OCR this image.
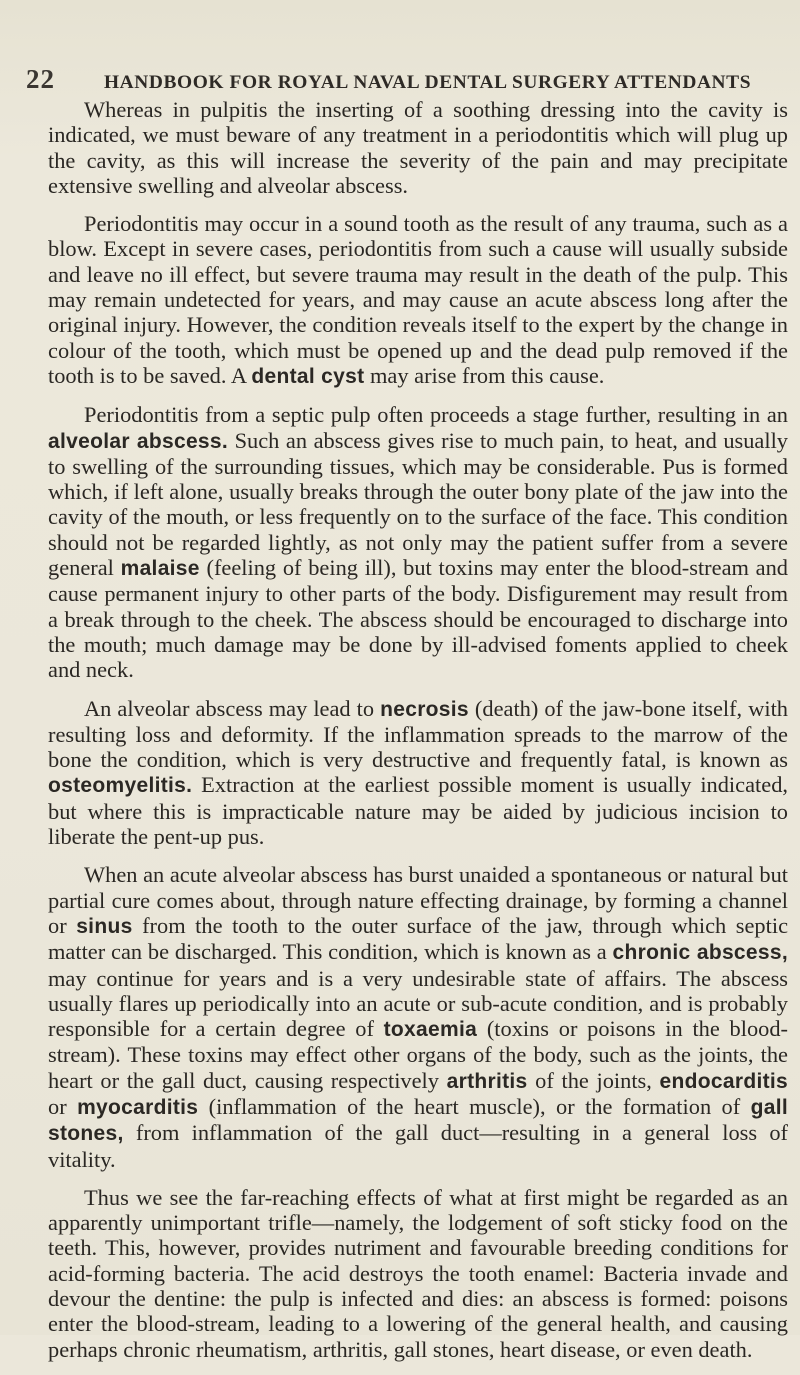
22	HANDBOOK FOR ROYAL NAVAL DENTAL SURGERY ATTENDANTS

Whereas in pulpitis the inserting of a soothing dressing into the cavity is indicated, we must beware of any treatment in a periodontitis which will plug up the cavity, as this will increase the severity of the pain and may precipitate extensive swelling and alveolar abscess.

Periodontitis may occur in a sound tooth as the result of any trauma, such as a blow. Except in severe cases, periodontitis from such a cause will usually subside and leave no ill effect, but severe trauma may result in the death of the pulp. This may remain undetected for years, and may cause an acute abscess long after the original injury. However, the condition reveals itself to the expert by the change in colour of the tooth, which must be opened up and the dead pulp removed if the tooth is to be saved. A dental cyst may arise from this cause.

Periodontitis from a septic pulp often proceeds a stage further, resulting in an alveolar abscess. Such an abscess gives rise to much pain, to heat, and usually to swelling of the surrounding tissues, which may be considerable. Pus is formed which, if left alone, usually breaks through the outer bony plate of the jaw into the cavity of the mouth, or less frequently on to the surface of the face. This condition should not be regarded lightly, as not only may the patient suffer from a severe general malaise (feeling of being ill), but toxins may enter the blood-stream and cause permanent injury to other parts of the body. Disfigurement may result from a break through to the cheek. The abscess should be encouraged to discharge into the mouth; much damage may be done by ill-advised foments applied to cheek and neck.

An alveolar abscess may lead to necrosis (death) of the jaw-bone itself, with resulting loss and deformity. If the inflammation spreads to the marrow of the bone the condition, which is very destructive and frequently fatal, is known as osteomyelitis. Extraction at the earliest possible moment is usually indicated, but where this is impracticable nature may be aided by judicious incision to liberate the pent-up pus.

When an acute alveolar abscess has burst unaided a spontaneous or natural but partial cure comes about, through nature effecting drainage, by forming a channel or sinus from the tooth to the outer surface of the jaw, through which septic matter can be discharged. This condition, which is known as a chronic abscess, may continue for years and is a very undesirable state of affairs. The abscess usually flares up periodically into an acute or sub-acute condition, and is probably responsible for a certain degree of toxaemia (toxins or poisons in the blood-stream). These toxins may effect other organs of the body, such as the joints, the heart or the gall duct, causing respectively arthritis of the joints, endocarditis or myocarditis (inflammation of the heart muscle), or the formation of gall stones, from inflammation of the gall duct—resulting in a general loss of vitality.

Thus we see the far-reaching effects of what at first might be regarded as an apparently unimportant trifle—namely, the lodgement of soft sticky food on the teeth. This, however, provides nutriment and favourable breeding conditions for acid-forming bacteria. The acid destroys the tooth enamel: Bacteria invade and devour the dentine: the pulp is infected and dies: an abscess is formed: poisons enter the blood-stream, leading to a lowering of the general health, and causing perhaps chronic rheumatism, arthritis, gall stones, heart disease, or even death.
